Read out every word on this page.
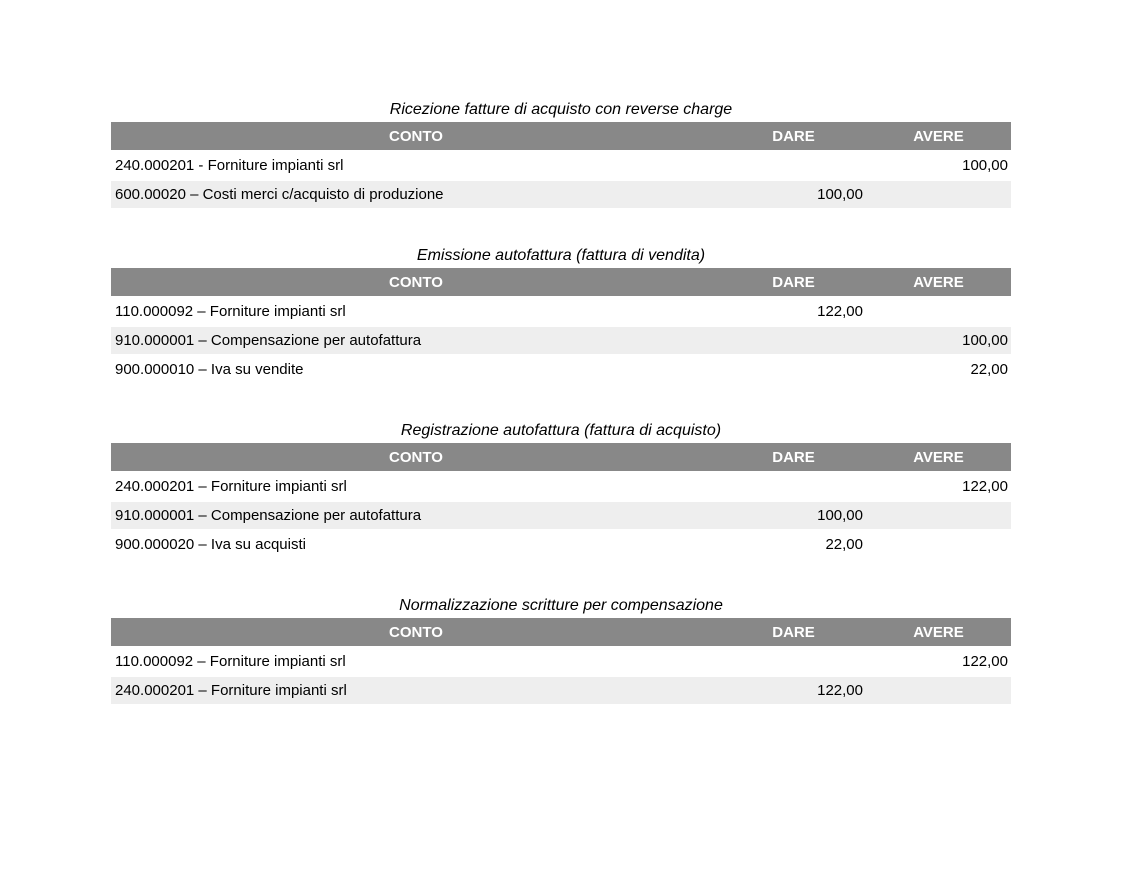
Ricezione fatture di acquisto con reverse charge
CONTO	DARE	AVERE
240.000201 - Forniture impianti srl		100,00
600.00020 – Costi merci c/acquisto di produzione	100,00	
Emissione autofattura (fattura di vendita)
CONTO	DARE	AVERE
110.000092 – Forniture impianti srl	122,00	
910.000001 – Compensazione per autofattura		100,00
900.000010 – Iva su vendite		22,00
Registrazione autofattura (fattura di acquisto)
CONTO	DARE	AVERE
240.000201 – Forniture impianti srl		122,00
910.000001 – Compensazione per autofattura	100,00	
900.000020 – Iva su acquisti	22,00	
Normalizzazione scritture per compensazione
CONTO	DARE	AVERE
110.000092 – Forniture impianti srl		122,00
240.000201 – Forniture impianti srl	122,00	
